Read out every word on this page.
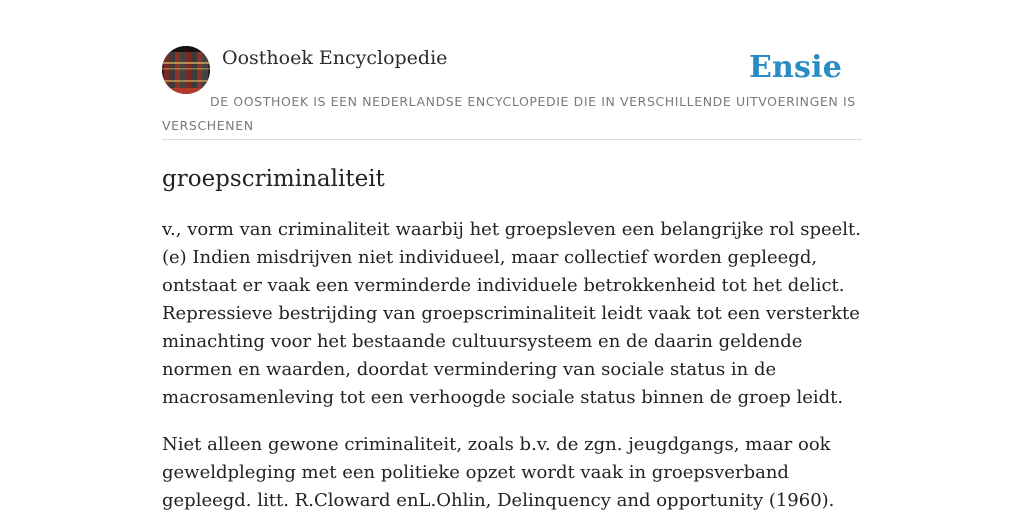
Oosthoek Encyclopedie	Ensie
DE OOSTHOEK IS EEN NEDERLANDSE ENCYCLOPEDIE DIE IN VERSCHILLENDE UITVOERINGEN IS VERSCHENEN
groepscriminaliteit

v., vorm van criminaliteit waarbij het groepsleven een belangrijke rol speelt. (e) Indien misdrijven niet individueel, maar collectief worden gepleegd, ontstaat er vaak een verminderde individuele betrokkenheid tot het delict. Repressieve bestrijding van groepscriminaliteit leidt vaak tot een versterkte minachting voor het bestaande cultuursysteem en de daarin geldende normen en waarden, doordat vermindering van sociale status in de macrosamenleving tot een verhoogde sociale status binnen de groep leidt.

Niet alleen gewone criminaliteit, zoals b.v. de zgn. jeugdgangs, maar ook geweldpleging met een politieke opzet wordt vaak in groepsverband gepleegd. litt. R.Cloward enL.Ohlin, Delinquency and opportunity (1960).
